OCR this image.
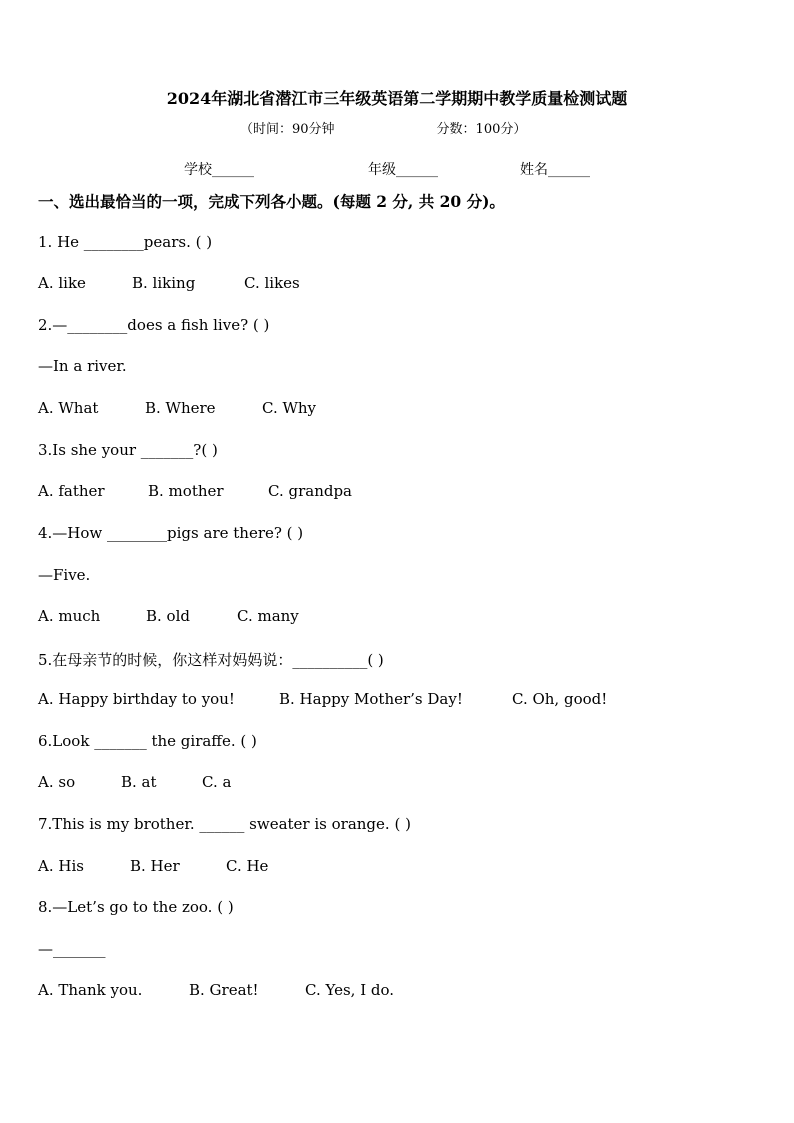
2024年湖北省潜江市三年级英语第二学期期中教学质量检测试题
（时间：90分钟	分数：100分）
学校______	年级______	姓名______
一、选出最恰当的一项，完成下列各小题。(每题 2 分, 共 20 分)。
1. He ________pears. ( )
A. like	B. liking	C. likes
2.—________does a fish live? ( )
—In a river.
A. What	B. Where	C. Why
3.Is she your _______?( )
A. father	B. mother	C. grandpa
4.—How ________pigs are there? ( )
—Five.
A. much	B. old	C. many
5.在母亲节的时候，你这样对妈妈说：__________( )
A. Happy birthday to you!	B. Happy Mother’s Day!	C. Oh, good!
6.Look _______ the giraffe. ( )
A. so	B. at	C. a
7.This is my brother. ______ sweater is orange. ( )
A. His	B. Her	C. He
8.—Let’s go to the zoo. ( )
—_______
A. Thank you.	B. Great!	C. Yes, I do.
